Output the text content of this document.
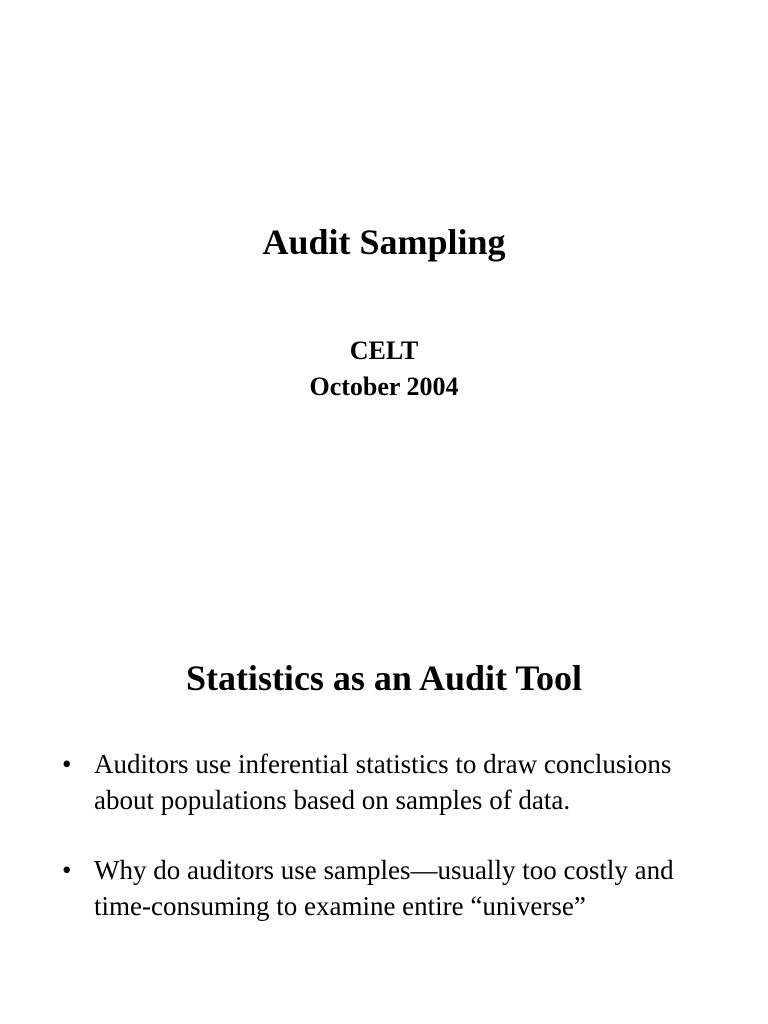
Audit Sampling
CELT
October 2004
Statistics as an Audit Tool
• Auditors use inferential statistics to draw conclusions about populations based on samples of data.
• Why do auditors use samples—usually too costly and time-consuming to examine entire “universe”
